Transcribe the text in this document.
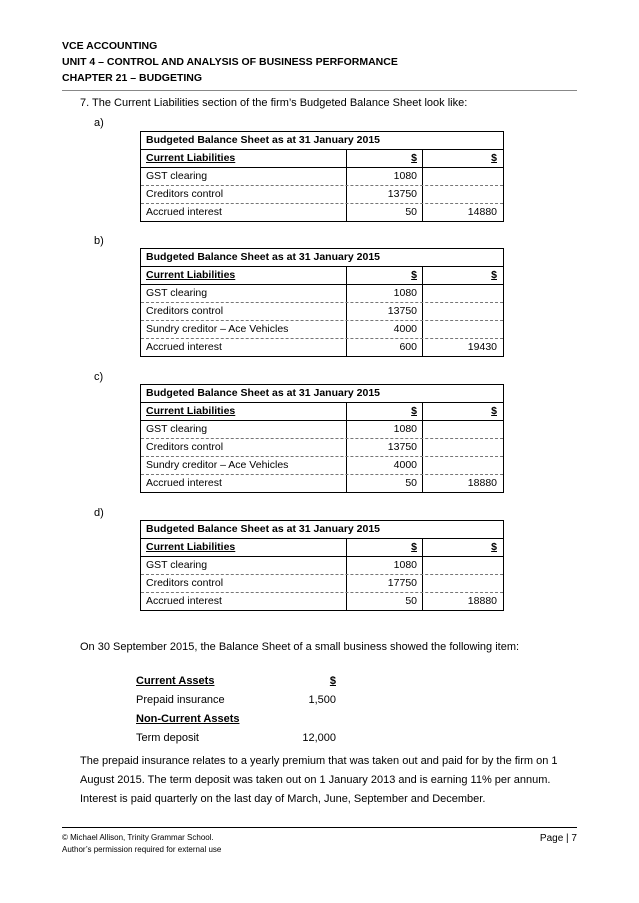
VCE ACCOUNTING
UNIT 4 – CONTROL AND ANALYSIS OF BUSINESS PERFORMANCE
CHAPTER 21 – BUDGETING
7. The Current Liabilities section of the firm’s Budgeted Balance Sheet look like:
a)
Budgeted Balance Sheet as at 31 January 2015
Current Liabilities	$	$
GST clearing	1080
Creditors control	13750
Accrued interest	50	14880
b)
Budgeted Balance Sheet as at 31 January 2015
Current Liabilities	$	$
GST clearing	1080
Creditors control	13750
Sundry creditor – Ace Vehicles	4000
Accrued interest	600	19430
c)
Budgeted Balance Sheet as at 31 January 2015
Current Liabilities	$	$
GST clearing	1080
Creditors control	13750
Sundry creditor – Ace Vehicles	4000
Accrued interest	50	18880
d)
Budgeted Balance Sheet as at 31 January 2015
Current Liabilities	$	$
GST clearing	1080
Creditors control	17750
Accrued interest	50	18880
On 30 September 2015, the Balance Sheet of a small business showed the following item:
Current Assets	$
Prepaid insurance	1,500
Non-Current Assets
Term deposit	12,000
The prepaid insurance relates to a yearly premium that was taken out and paid for by the firm on 1
August 2015. The term deposit was taken out on 1 January 2013 and is earning 11% per annum.
Interest is paid quarterly on the last day of March, June, September and December.
© Michael Allison, Trinity Grammar School.
Author’s permission required for external use
Page | 7
